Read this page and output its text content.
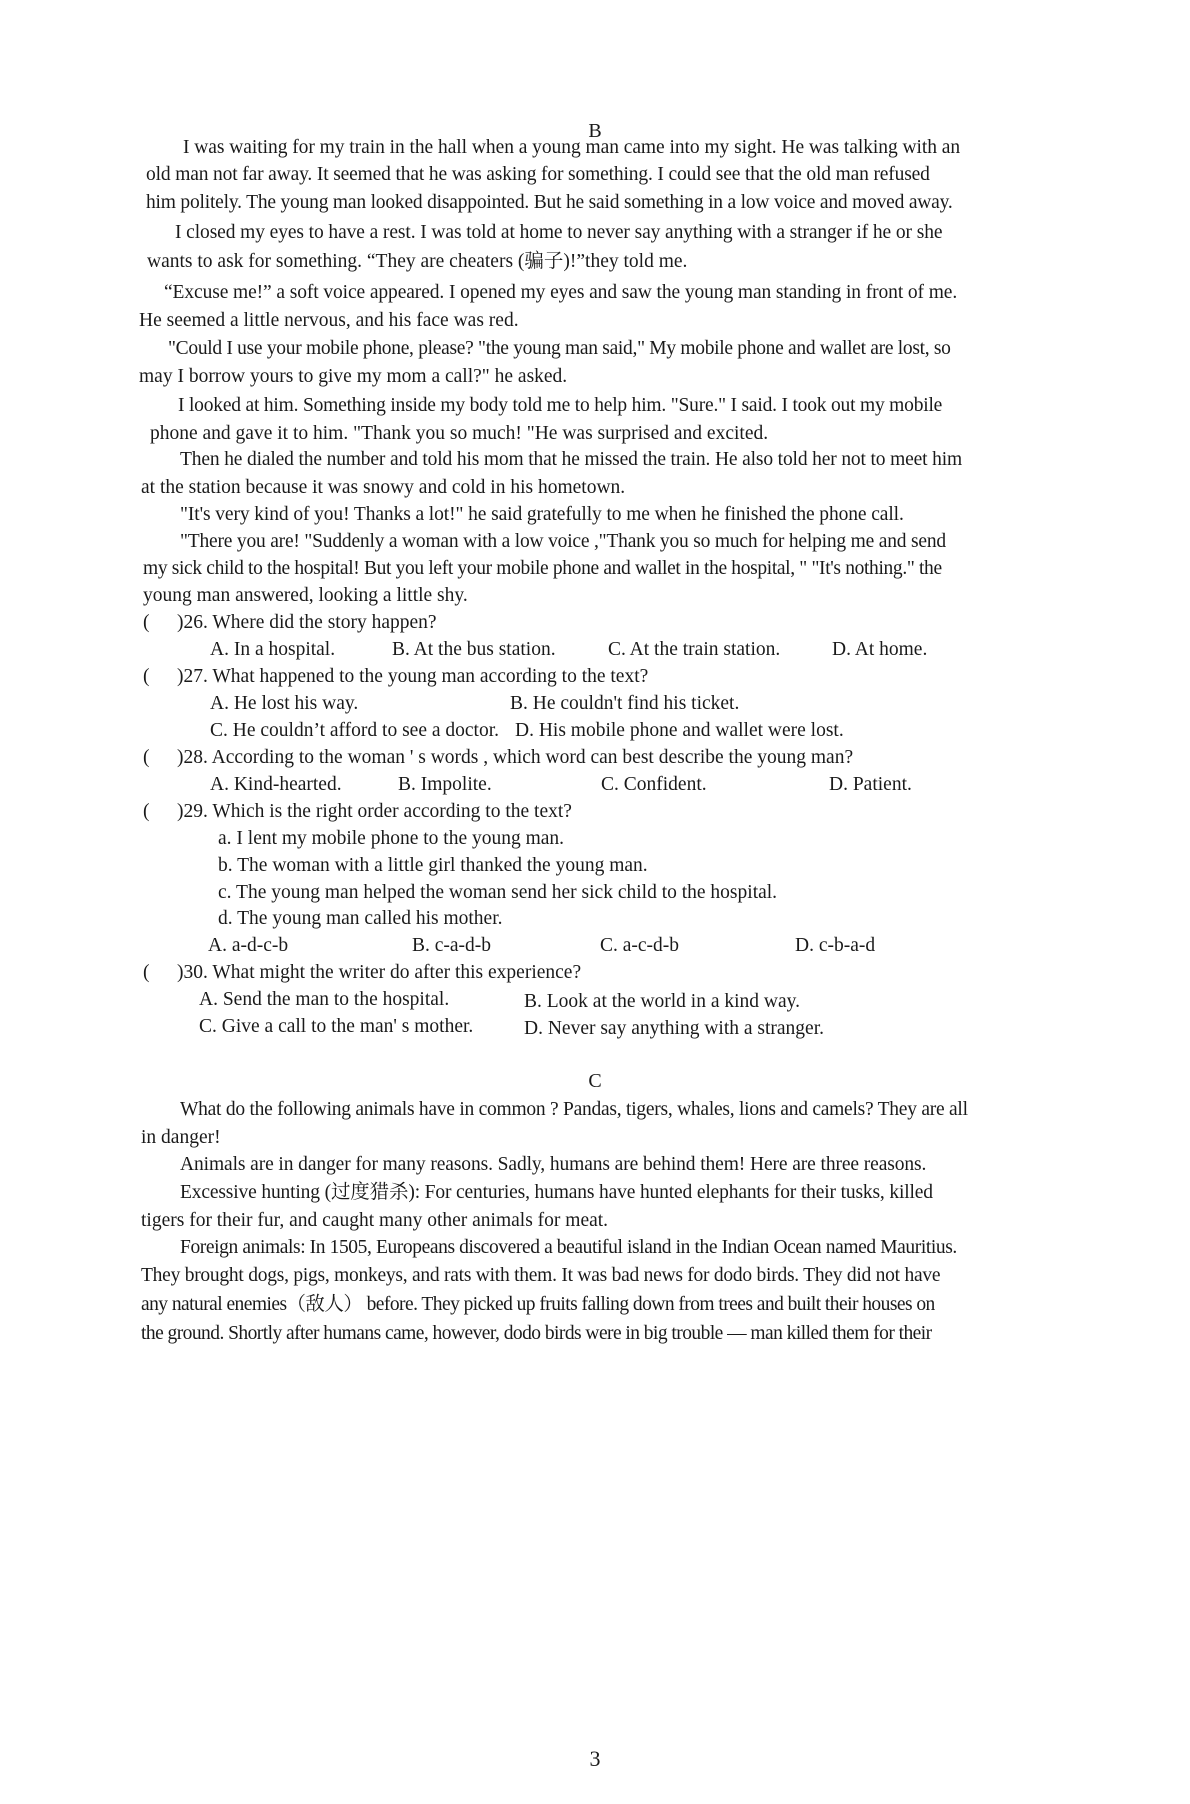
B
I was waiting for my train in the hall when a young man came into my sight. He was talking with an
old man not far away. It seemed that he was asking for something. I could see that the old man refused
him politely. The young man looked disappointed. But he said something in a low voice and moved away.
I closed my eyes to have a rest. I was told at home to never say anything with a stranger if he or she
wants to ask for something. “They are cheaters (骗子)!”they told me.
“Excuse me!” a soft voice appeared. I opened my eyes and saw the young man standing in front of me.
He seemed a little nervous, and his face was red.
"Could I use your mobile phone, please? "the young man said," My mobile phone and wallet are lost, so
may I borrow yours to give my mom a call?" he asked.
I looked at him. Something inside my body told me to help him. "Sure." I said. I took out my mobile
phone and gave it to him. "Thank you so much! "He was surprised and excited.
Then he dialed the number and told his mom that he missed the train. He also told her not to meet him
at the station because it was snowy and cold in his hometown.
"It's very kind of you! Thanks a lot!" he said gratefully to me when he finished the phone call.
"There you are! "Suddenly a woman with a low voice ,"Thank you so much for helping me and send
my sick child to the hospital! But you left your mobile phone and wallet in the hospital, " "It's nothing." the
young man answered, looking a little shy.
( )26. Where did the story happen?
A. In a hospital.	B. At the bus station.	C. At the train station.	D. At home.
( )27. What happened to the young man according to the text?
A. He lost his way.	B. He couldn't find his ticket.
C. He couldn’t afford to see a doctor. D. His mobile phone and wallet were lost.
( )28. According to the woman ' s words , which word can best describe the young man?
A. Kind-hearted.	B. Impolite.	C. Confident.	D. Patient.
( )29. Which is the right order according to the text?
a. I lent my mobile phone to the young man.
b. The woman with a little girl thanked the young man.
c. The young man helped the woman send her sick child to the hospital.
d. The young man called his mother.
A. a-d-c-b	B. c-a-d-b	C. a-c-d-b	D. c-b-a-d
( )30. What might the writer do after this experience?
A. Send the man to the hospital.	B. Look at the world in a kind way.
C. Give a call to the man' s mother.	D. Never say anything with a stranger.
C
What do the following animals have in common ? Pandas, tigers, whales, lions and camels? They are all
in danger!
Animals are in danger for many reasons. Sadly, humans are behind them! Here are three reasons.
Excessive hunting (过度猎杀): For centuries, humans have hunted elephants for their tusks, killed
tigers for their fur, and caught many other animals for meat.
Foreign animals: In 1505, Europeans discovered a beautiful island in the Indian Ocean named Mauritius.
They brought dogs, pigs, monkeys, and rats with them. It was bad news for dodo birds. They did not have
any natural enemies（敌人） before. They picked up fruits falling down from trees and built their houses on
the ground. Shortly after humans came, however, dodo birds were in big trouble — man killed them for their
3
